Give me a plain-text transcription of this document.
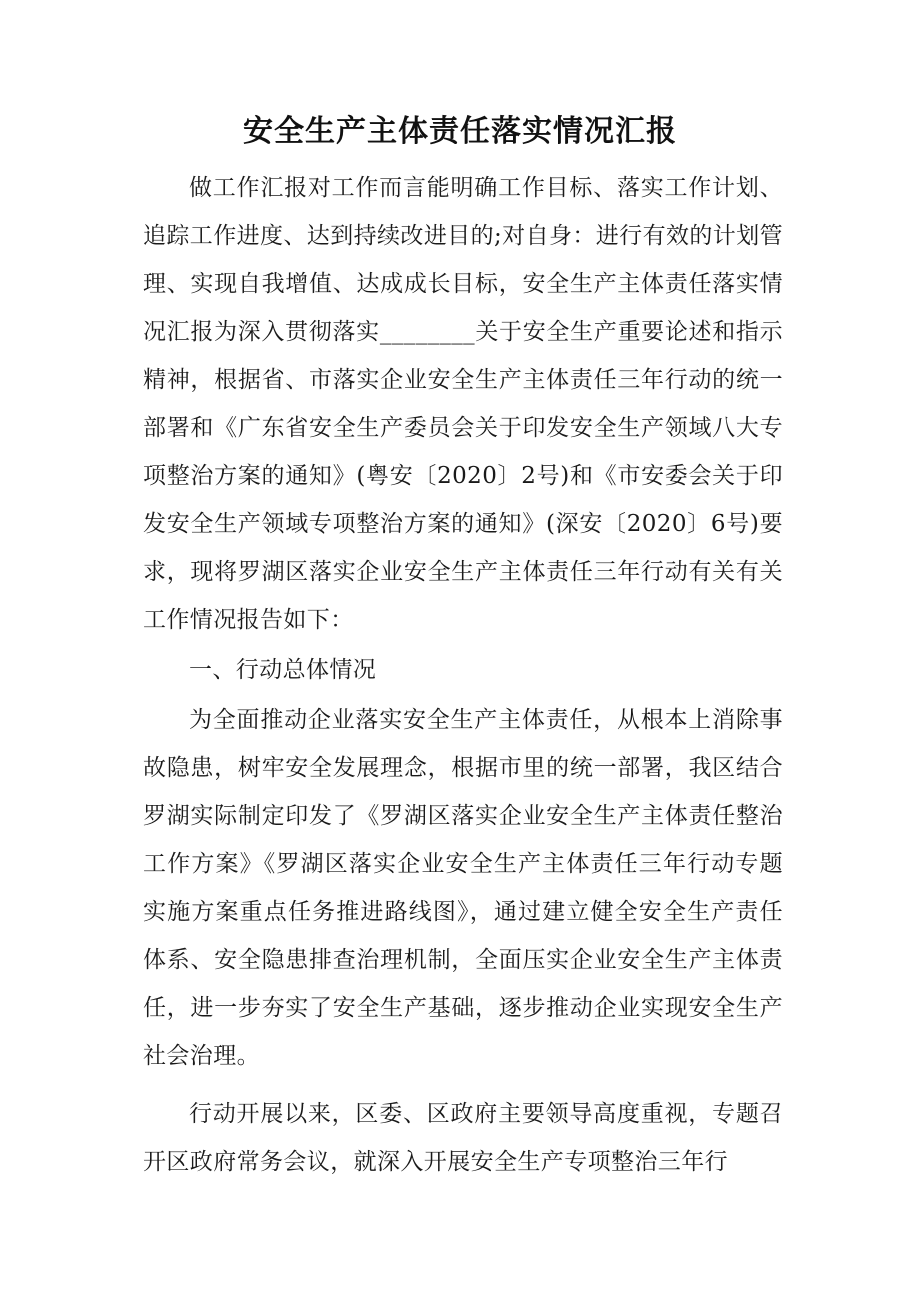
安全生产主体责任落实情况汇报

做工作汇报对工作而言能明确工作目标、落实工作计划、追踪工作进度、达到持续改进目的;对自身：进行有效的计划管理、实现自我增值、达成成长目标，安全生产主体责任落实情况汇报为深入贯彻落实________关于安全生产重要论述和指示精神，根据省、市落实企业安全生产主体责任三年行动的统一部署和《广东省安全生产委员会关于印发安全生产领域八大专项整治方案的通知》(粤安〔2020〕2号)和《市安委会关于印发安全生产领域专项整治方案的通知》(深安〔2020〕6号)要求，现将罗湖区落实企业安全生产主体责任三年行动有关有关工作情况报告如下：

一、行动总体情况

为全面推动企业落实安全生产主体责任，从根本上消除事故隐患，树牢安全发展理念，根据市里的统一部署，我区结合罗湖实际制定印发了《罗湖区落实企业安全生产主体责任整治工作方案》《罗湖区落实企业安全生产主体责任三年行动专题实施方案重点任务推进路线图》，通过建立健全安全生产责任体系、安全隐患排查治理机制，全面压实企业安全生产主体责任，进一步夯实了安全生产基础，逐步推动企业实现安全生产社会治理。

行动开展以来，区委、区政府主要领导高度重视，专题召开区政府常务会议，就深入开展安全生产专项整治三年行
